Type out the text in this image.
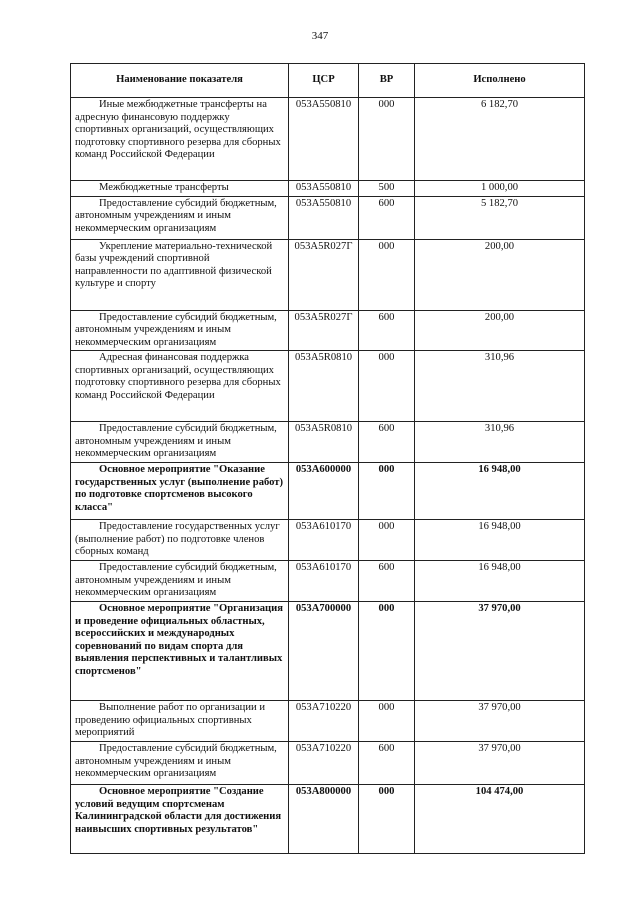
347
Наименование показателя	ЦСР	ВР	Исполнено
Иные межбюджетные трансферты на адресную финансовую поддержку спортивных организаций, осуществляющих подготовку спортивного резерва для сборных команд Российской Федерации	053А550810	000	6 182,70
Межбюджетные трансферты	053А550810	500	1 000,00
Предоставление субсидий бюджетным, автономным учреждениям и иным некоммерческим организациям	053А550810	600	5 182,70
Укрепление материально-технической базы учреждений спортивной направленности по адаптивной физической культуре и спорту	053А5R027Г	000	200,00
Предоставление субсидий бюджетным, автономным учреждениям и иным некоммерческим организациям	053А5R027Г	600	200,00
Адресная финансовая поддержка спортивных организаций, осуществляющих подготовку спортивного резерва для сборных команд Российской Федерации	053А5R0810	000	310,96
Предоставление субсидий бюджетным, автономным учреждениям и иным некоммерческим организациям	053А5R0810	600	310,96
Основное мероприятие "Оказание государственных услуг (выполнение работ) по подготовке спортсменов высокого класса"	053А600000	000	16 948,00
Предоставление государственных услуг (выполнение работ) по подготовке членов сборных команд	053А610170	000	16 948,00
Предоставление субсидий бюджетным, автономным учреждениям и иным некоммерческим организациям	053А610170	600	16 948,00
Основное мероприятие "Организация и проведение официальных областных, всероссийских и международных соревнований по видам спорта для выявления перспективных и талантливых спортсменов"	053А700000	000	37 970,00
Выполнение работ по организации и проведению официальных спортивных мероприятий	053А710220	000	37 970,00
Предоставление субсидий бюджетным, автономным учреждениям и иным некоммерческим организациям	053А710220	600	37 970,00
Основное мероприятие "Создание условий ведущим спортсменам Калининградской области для достижения наивысших спортивных результатов"	053А800000	000	104 474,00
